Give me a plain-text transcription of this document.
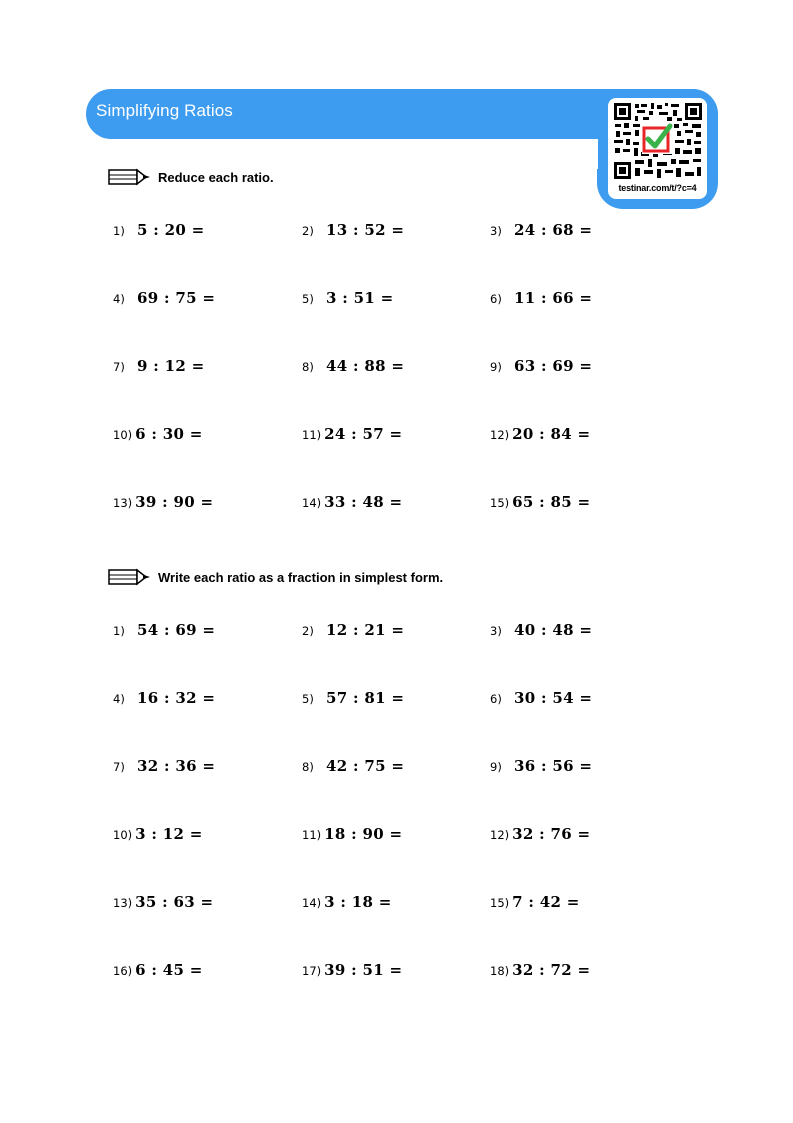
Simplifying Ratios
testinar.com/t/?c=4
Reduce each ratio.
1) 5 : 20 =	2) 13 : 52 =	3) 24 : 68 =
4) 69 : 75 =	5) 3 : 51 =	6) 11 : 66 =
7) 9 : 12 =	8) 44 : 88 =	9) 63 : 69 =
10) 6 : 30 =	11) 24 : 57 =	12) 20 : 84 =
13) 39 : 90 =	14) 33 : 48 =	15) 65 : 85 =
Write each ratio as a fraction in simplest form.
1) 54 : 69 =	2) 12 : 21 =	3) 40 : 48 =
4) 16 : 32 =	5) 57 : 81 =	6) 30 : 54 =
7) 32 : 36 =	8) 42 : 75 =	9) 36 : 56 =
10) 3 : 12 =	11) 18 : 90 =	12) 32 : 76 =
13) 35 : 63 =	14) 3 : 18 =	15) 7 : 42 =
16) 6 : 45 =	17) 39 : 51 =	18) 32 : 72 =
